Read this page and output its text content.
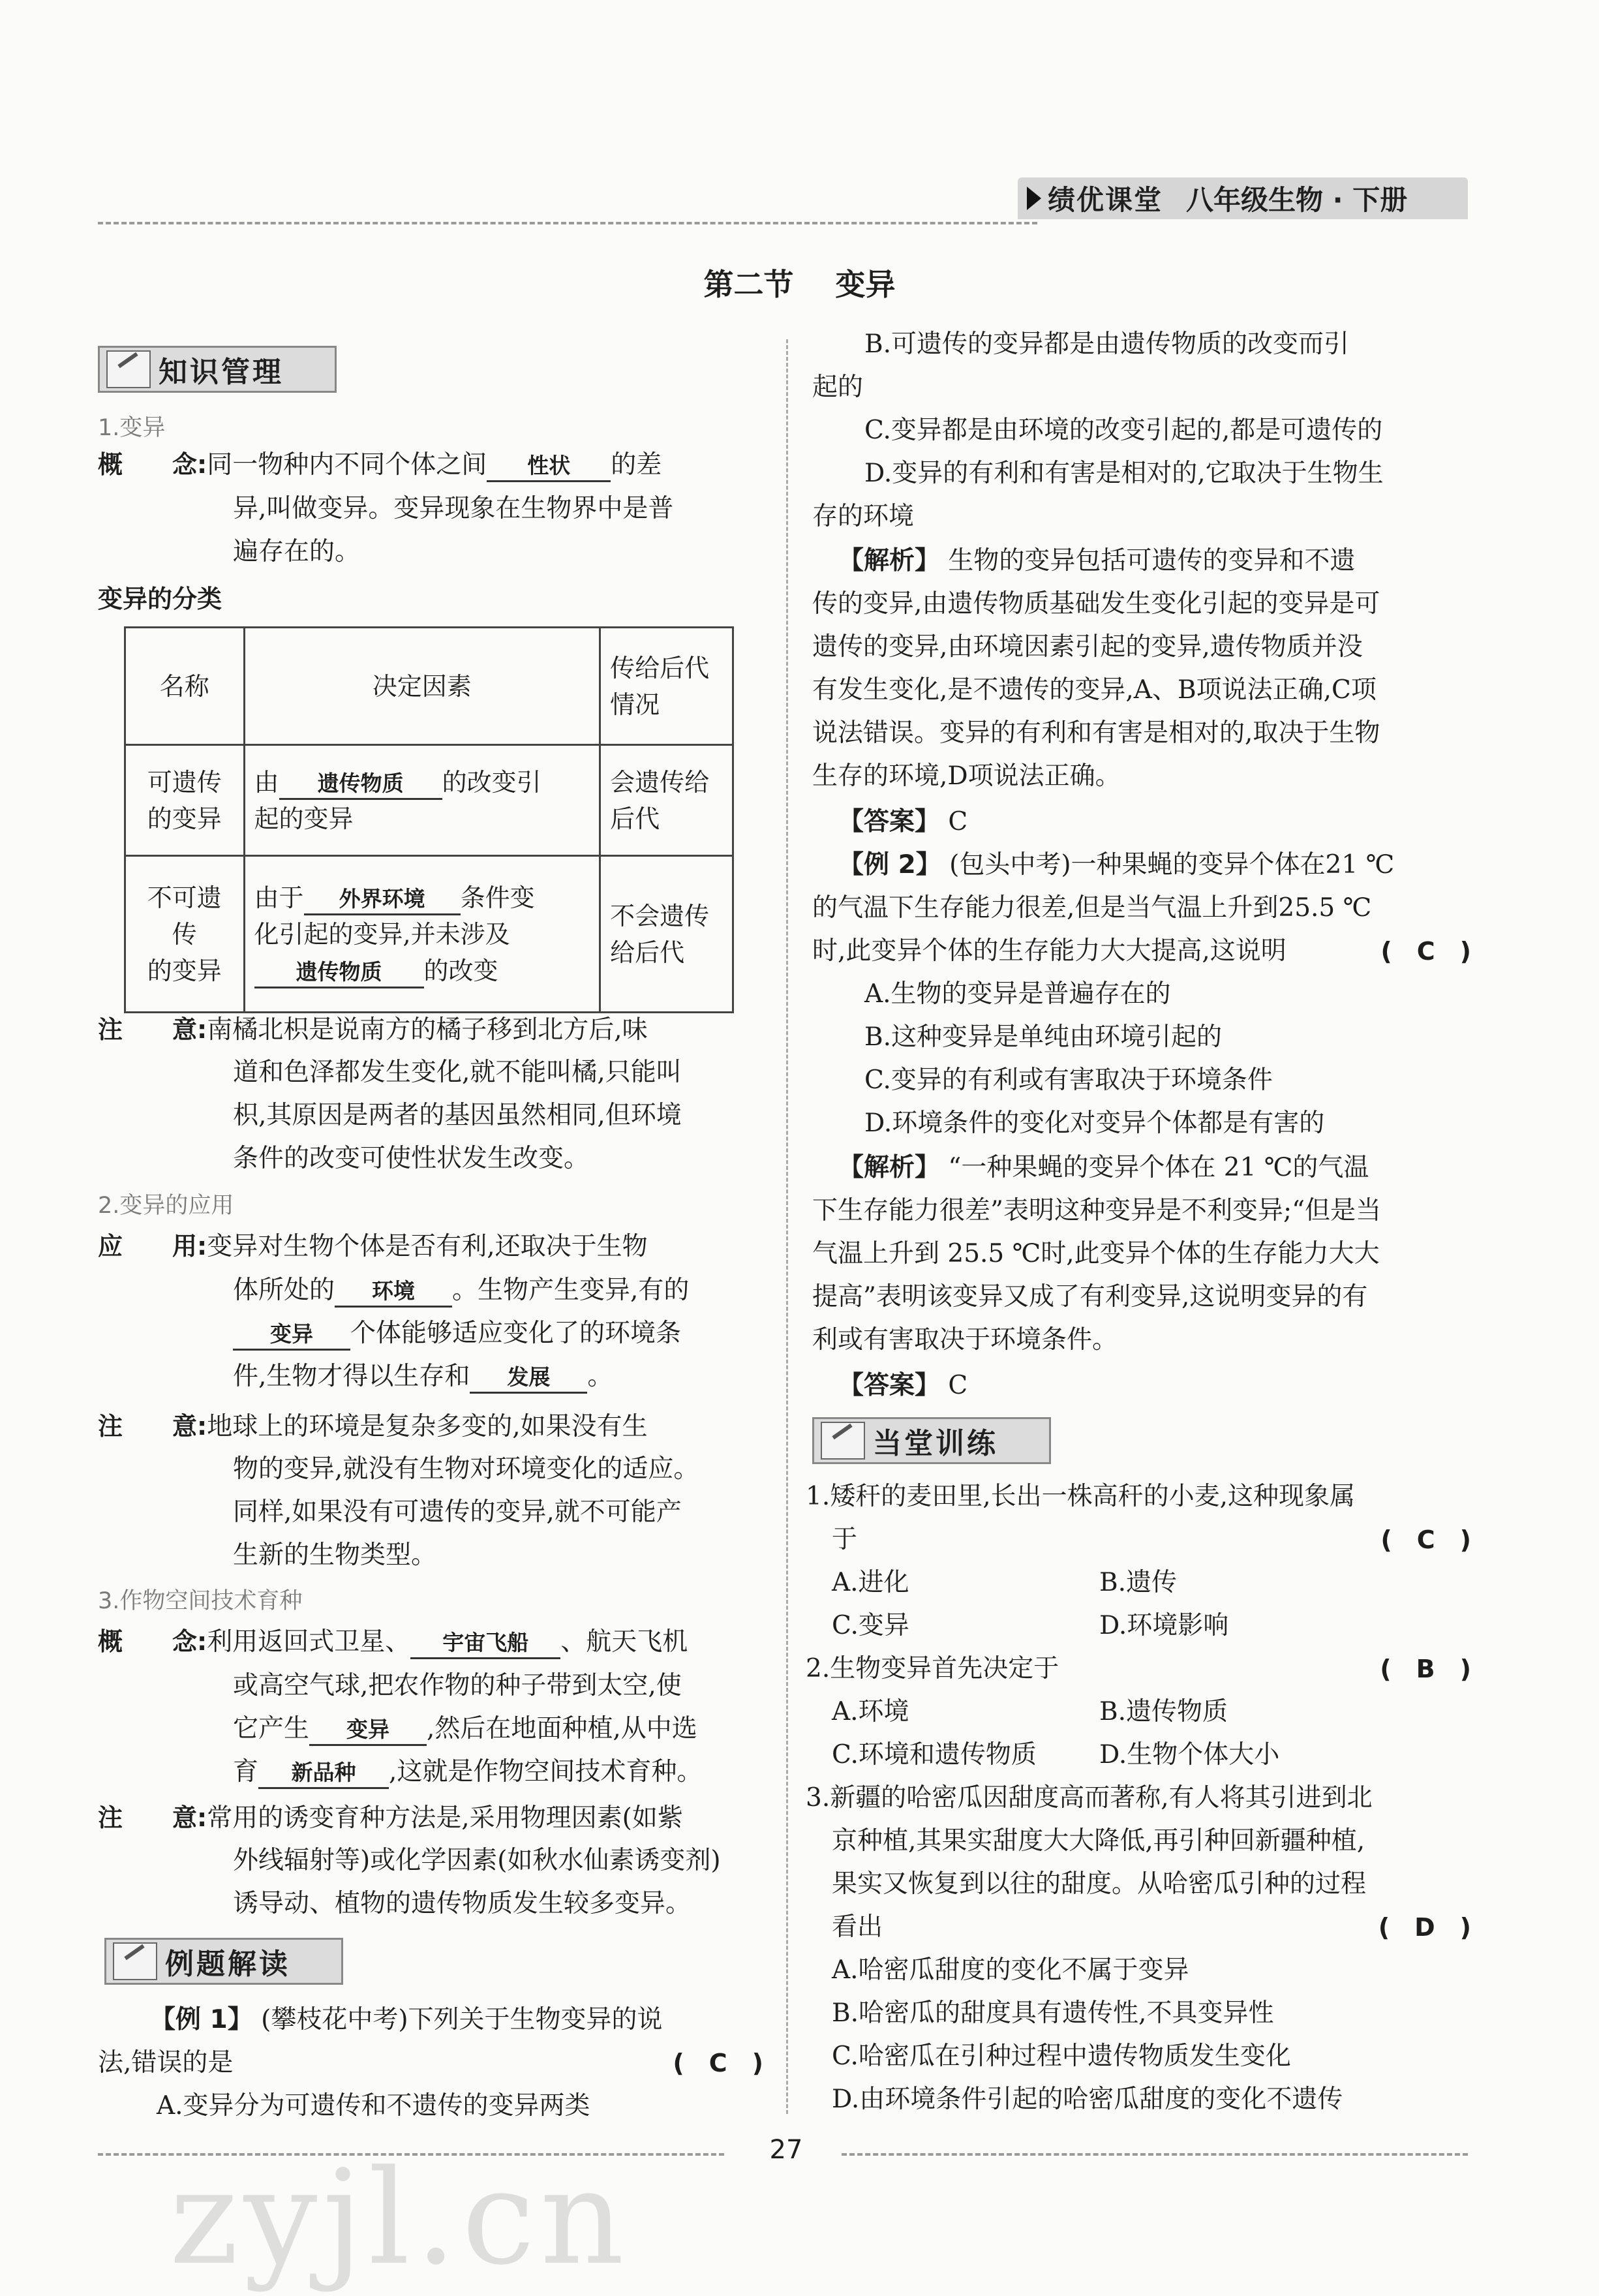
绩优课堂 八年级生物 · 下册
第二节    变异
知识管理
1.变异
概　　念:同一物种内不同个体之间 性状 的差
异,叫做变异。变异现象在生物界中是普
遍存在的。
变异的分类
名称	决定因素	传给后代
情况
可遗传
的变异	由 遗传物质 的改变引
起的变异	会遗传给
后代
不可遗传
的变异	由于 外界环境 条件变
化引起的变异,并未涉及
遗传物质 的改变	不会遗传
给后代
注　　意:南橘北枳是说南方的橘子移到北方后,味
道和色泽都发生变化,就不能叫橘,只能叫
枳,其原因是两者的基因虽然相同,但环境
条件的改变可使性状发生改变。
2.变异的应用
应　　用:变异对生物个体是否有利,还取决于生物
体所处的 环境 。生物产生变异,有的
变异 个体能够适应变化了的环境条
件,生物才得以生存和 发展 。
注　　意:地球上的环境是复杂多变的,如果没有生
物的变异,就没有生物对环境变化的适应。
同样,如果没有可遗传的变异,就不可能产
生新的生物类型。
3.作物空间技术育种
概　　念:利用返回式卫星、 宇宙飞船 、航天飞机
或高空气球,把农作物的种子带到太空,使
它产生 变异 ,然后在地面种植,从中选
育 新品种 ,这就是作物空间技术育种。
注　　意:常用的诱变育种方法是,采用物理因素(如紫
外线辐射等)或化学因素(如秋水仙素诱变剂)
诱导动、植物的遗传物质发生较多变异。
例题解读
【例 1】 (攀枝花中考)下列关于生物变异的说
法,错误的是	(　C　)
A.变异分为可遗传和不遗传的变异两类
B.可遗传的变异都是由遗传物质的改变而引
起的
C.变异都是由环境的改变引起的,都是可遗传的
D.变异的有利和有害是相对的,它取决于生物生
存的环境
【解析】 生物的变异包括可遗传的变异和不遗
传的变异,由遗传物质基础发生变化引起的变异是可
遗传的变异,由环境因素引起的变异,遗传物质并没
有发生变化,是不遗传的变异,A、B项说法正确,C项
说法错误。变异的有利和有害是相对的,取决于生物
生存的环境,D项说法正确。
【答案】 C
【例 2】 (包头中考)一种果蝇的变异个体在21 ℃
的气温下生存能力很差,但是当气温上升到25.5 ℃
时,此变异个体的生存能力大大提高,这说明	(　C　)
A.生物的变异是普遍存在的
B.这种变异是单纯由环境引起的
C.变异的有利或有害取决于环境条件
D.环境条件的变化对变异个体都是有害的
【解析】 “一种果蝇的变异个体在 21 ℃的气温
下生存能力很差”表明这种变异是不利变异;“但是当
气温上升到 25.5 ℃时,此变异个体的生存能力大大
提高”表明该变异又成了有利变异,这说明变异的有
利或有害取决于环境条件。
【答案】 C
当堂训练
1.矮秆的麦田里,长出一株高秆的小麦,这种现象属
于	(　C　)
A.进化	B.遗传
C.变异	D.环境影响
2.生物变异首先决定于	(　B　)
A.环境	B.遗传物质
C.环境和遗传物质 D.生物个体大小
3.新疆的哈密瓜因甜度高而著称,有人将其引进到北
京种植,其果实甜度大大降低,再引种回新疆种植,
果实又恢复到以往的甜度。从哈密瓜引种的过程
看出	(　D　)
A.哈密瓜甜度的变化不属于变异
B.哈密瓜的甜度具有遗传性,不具变异性
C.哈密瓜在引种过程中遗传物质发生变化
D.由环境条件引起的哈密瓜甜度的变化不遗传
27
zyjl.cn
